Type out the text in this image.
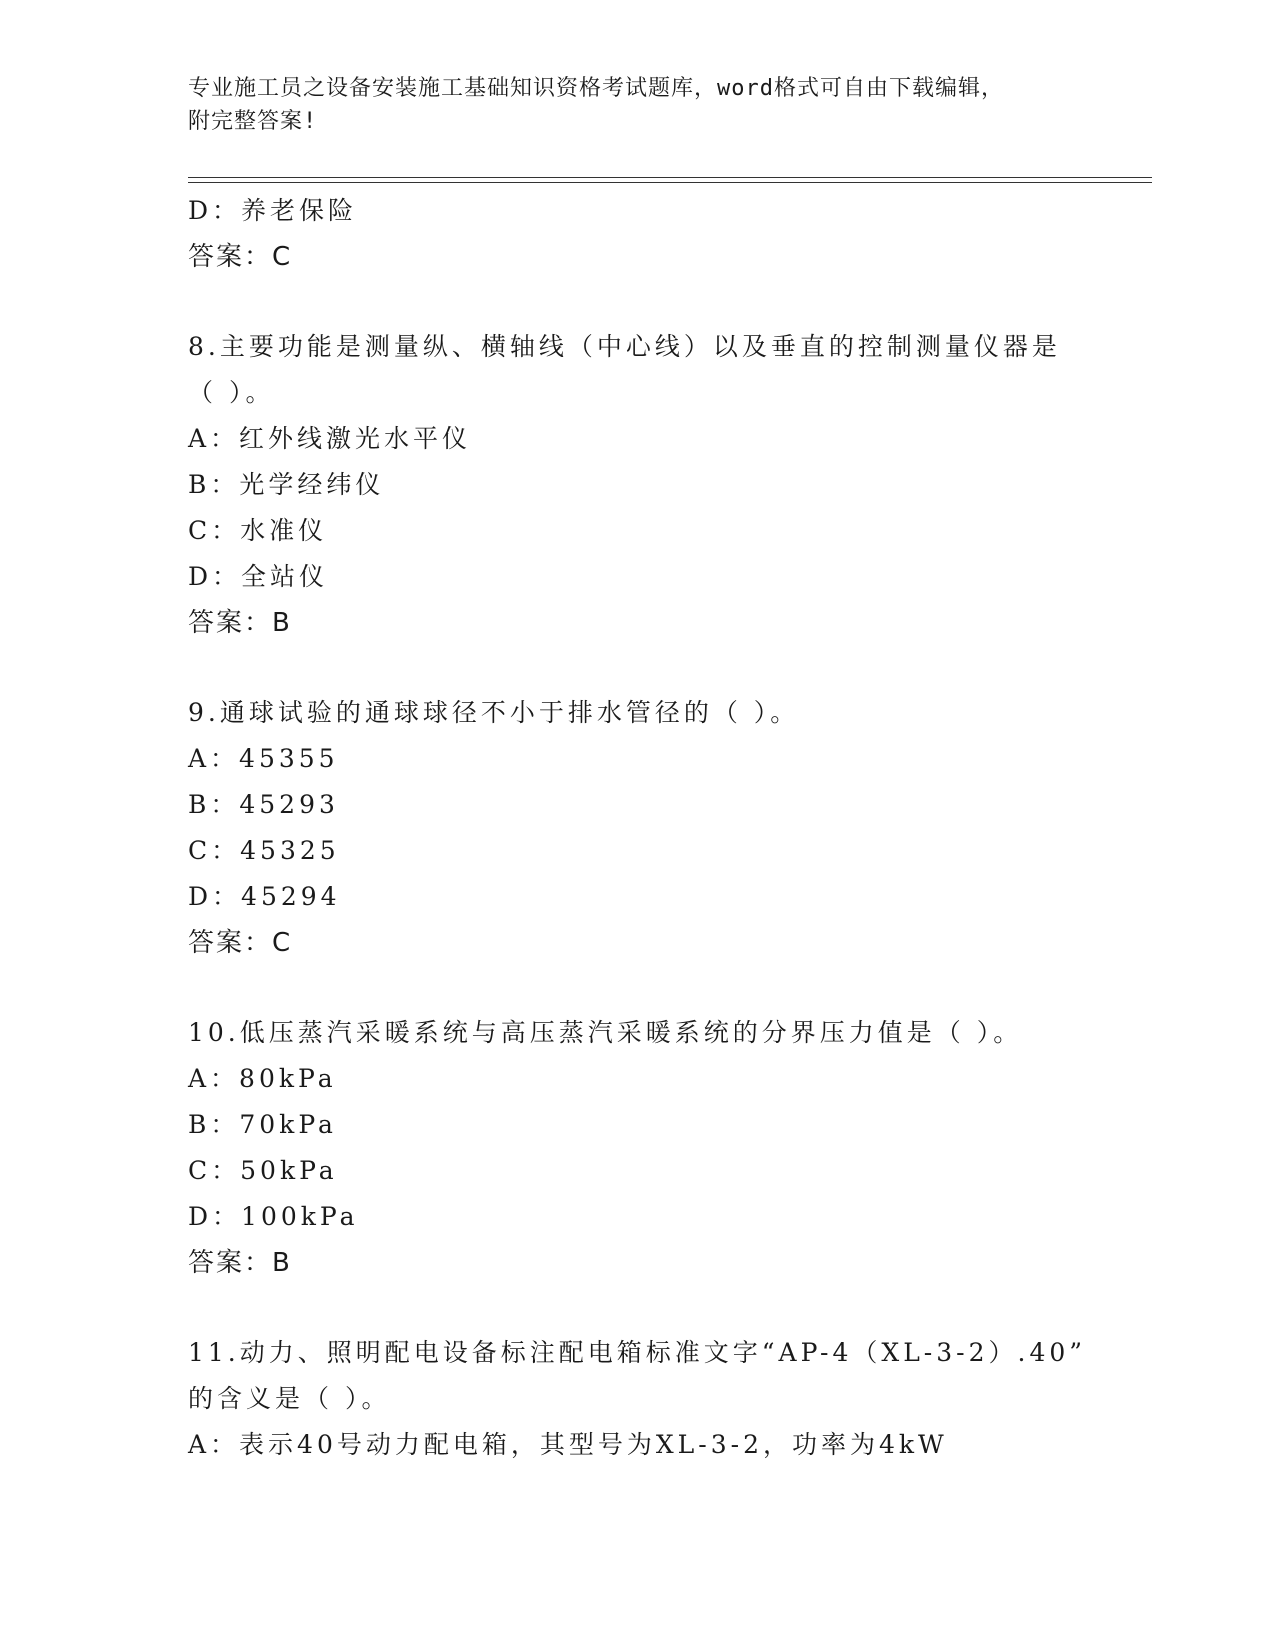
专业施工员之设备安装施工基础知识资格考试题库，word格式可自由下载编辑，
附完整答案!
D：养老保险
答案：C
8.主要功能是测量纵、横轴线（中心线）以及垂直的控制测量仪器是
（ ）。
A：红外线激光水平仪
B：光学经纬仪
C：水准仪
D：全站仪
答案：B
9.通球试验的通球球径不小于排水管径的（ ）。
A：45355
B：45293
C：45325
D：45294
答案：C
10.低压蒸汽采暖系统与高压蒸汽采暖系统的分界压力值是（ ）。
A：80kPa
B：70kPa
C：50kPa
D：100kPa
答案：B
11.动力、照明配电设备标注配电箱标准文字“AP-4（XL-3-2）.40”
的含义是（ ）。
A：表示40号动力配电箱，其型号为XL-3-2，功率为4kW
